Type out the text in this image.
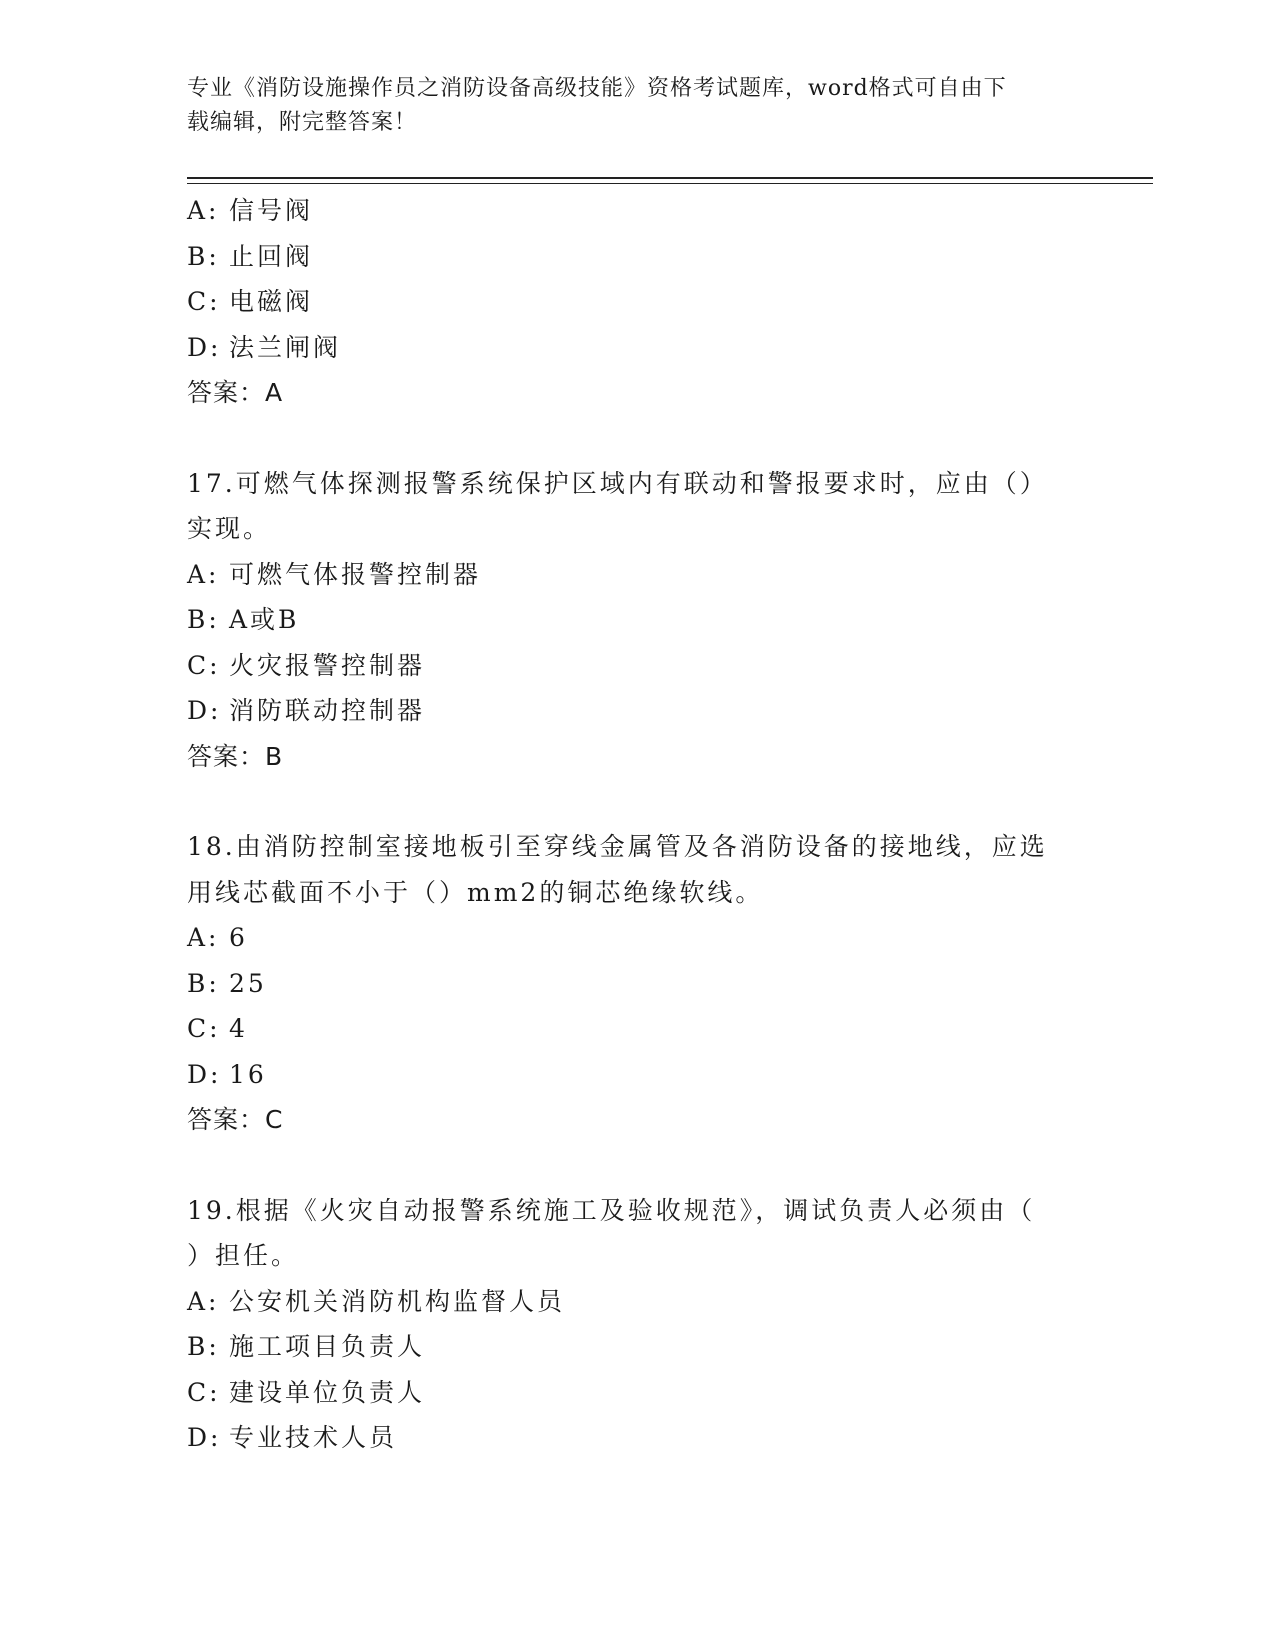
专业《消防设施操作员之消防设备高级技能》资格考试题库，word格式可自由下
载编辑，附完整答案！
A: 信号阀
B: 止回阀
C: 电磁阀
D: 法兰闸阀
答案：A
17.可燃气体探测报警系统保护区域内有联动和警报要求时，应由（）
实现。
A: 可燃气体报警控制器
B: A或B
C: 火灾报警控制器
D: 消防联动控制器
答案：B
18.由消防控制室接地板引至穿线金属管及各消防设备的接地线，应选
用线芯截面不小于（）mm2的铜芯绝缘软线。
A: 6
B: 25
C: 4
D: 16
答案：C
19.根据《火灾自动报警系统施工及验收规范》，调试负责人必须由（
）担任。
A: 公安机关消防机构监督人员
B: 施工项目负责人
C: 建设单位负责人
D: 专业技术人员
